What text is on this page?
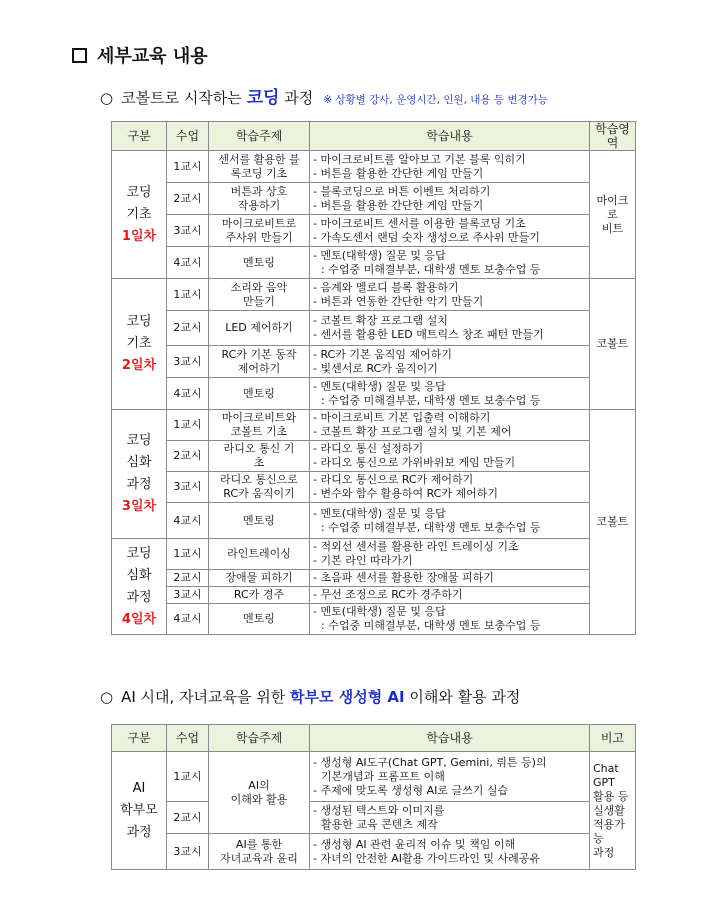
세부교육 내용
○ 코볼트로 시작하는
코딩
과정 ※ 상황별 강사, 운영시간, 인원, 내용 등 변경가능
구분	수업	학습주제	학습내용	학습영역

코딩
기초
1일차	1교시	센서를 활용한 블
록코딩 기초	- 마이크로비트를 알아보고 기본 블록 익히기
- 버튼을 활용한 간단한 게임 만들기	마이크로
비트

	2교시	버튼과 상호
작용하기	- 블록코딩으로 버튼 이벤트 처리하기
- 버튼을 활용한 간단한 게임 만들기	

	3교시	마이크로비트로
주사위 만들기	- 마이크로비트 센서를 이용한 블록코딩 기초
- 가속도센서 랜덤 숫자 생성으로 주사위 만들기	

	4교시	멘토링	- 멘토(대학생) 질문 및 응답
: 수업중 미해결부분, 대학생 멘토 보충수업 등	

코딩
기초
2일차	1교시	소리와 음악
만들기	- 음계와 멜로디 블록 활용하기
- 버튼과 연동한 간단한 악기 만들기	코볼트
	2교시	LED 제어하기	- 코볼트 확장 프로그램 설치
- 센서를 활용한 LED 매트릭스 창조 패턴 만들기	

	3교시	RC카 기본 동작
제어하기	- RC카 기본 움직임 제어하기
- 빛센서로 RC카 움직이기	

	4교시	멘토링	- 멘토(대학생) 질문 및 응답
: 수업중 미해결부분, 대학생 멘토 보충수업 등	

코딩
심화
과정
3일차	1교시	마이크로비트와
코볼트 기초	- 마이크로비트 기본 입출력 이해하기
- 코볼트 확장 프로그램 설치 및 기본 제어	코볼트
	2교시	라디오 통신 기
초	- 라디오 통신 설정하기
- 라디오 통신으로 가위바위보 게임 만들기	

	3교시	라디오 통신으로
RC카 움직이기	- 라디오 통신으로 RC카 제어하기
- 변수와 함수 활용하여 RC카 제어하기	

	4교시	멘토링	- 멘토(대학생) 질문 및 응답
: 수업중 미해결부분, 대학생 멘토 보충수업 등	

코딩
심화
과정
4일차	1교시	라인트레이싱	- 적외선 센서를 활용한 라인 트레이싱 기초
- 기본 라인 따라가기	

	2교시	장애물 피하기	- 초음파 센서를 활용한 장애물 피하기	

	3교시	RC카 경주	- 무선 조정으로 RC카 경주하기	

	4교시	멘토링	- 멘토(대학생) 질문 및 응답
: 수업중 미해결부분, 대학생 멘토 보충수업 등	
○ AI 시대, 자녀교육을 위한
학부모 생성형 AI
이해와 활용 과정
구분	수업	학습주제	학습내용	비고

AI
학부모
과정	1교시	AI의
이해와 활용	- 생성형 AI도구(Chat GPT, Gemini, 뤼튼 등)의
기본개념과 프롬프트 이해
- 주제에 맞도록 생성형 AI로 글쓰기 실습	Chat GPT
활용 등
실생활
적용가능
과정

	2교시		- 생성된 텍스트와 이미지를
활용한 교육 콘텐츠 제작	

	3교시	AI를 통한
자녀교육과 윤리	- 생성형 AI 관련 윤리적 이슈 및 책임 이해
- 자녀의 안전한 AI활용 가이드라인 및 사례공유	
